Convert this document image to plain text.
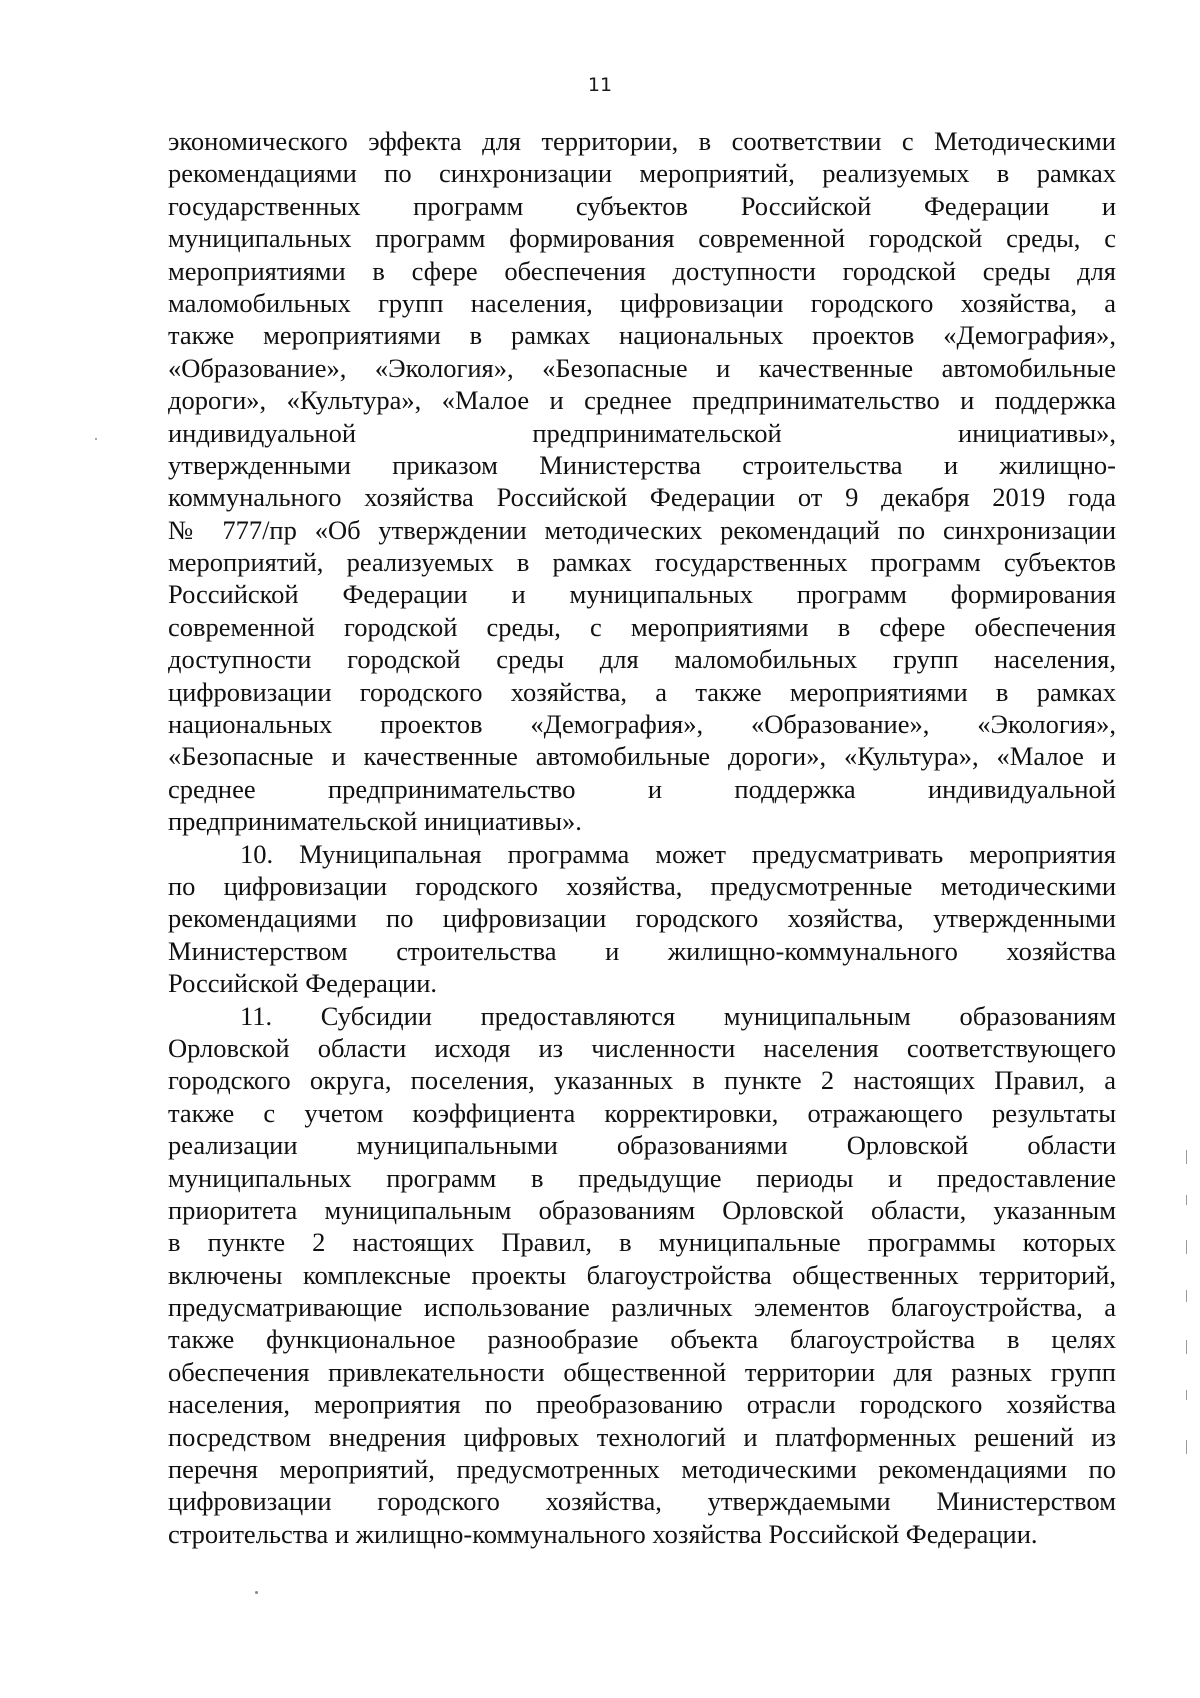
11
экономического эффекта для территории, в соответствии с Методическими
рекомендациями по синхронизации мероприятий, реализуемых в рамках
государственных программ субъектов Российской Федерации и
муниципальных программ формирования современной городской среды, с
мероприятиями в сфере обеспечения доступности городской среды для
маломобильных групп населения, цифровизации городского хозяйства, а
также мероприятиями в рамках национальных проектов «Демография»,
«Образование», «Экология», «Безопасные и качественные автомобильные
дороги», «Культура», «Малое и среднее предпринимательство и поддержка
индивидуальной предпринимательской инициативы»,
утвержденными приказом Министерства строительства и жилищно-
коммунального хозяйства Российской Федерации от 9 декабря 2019 года
№ 777/пр «Об утверждении методических рекомендаций по синхронизации
мероприятий, реализуемых в рамках государственных программ субъектов
Российской Федерации и муниципальных программ формирования
современной городской среды, с мероприятиями в сфере обеспечения
доступности городской среды для маломобильных групп населения,
цифровизации городского хозяйства, а также мероприятиями в рамках
национальных проектов «Демография», «Образование», «Экология»,
«Безопасные и качественные автомобильные дороги», «Культура», «Малое и
среднее предпринимательство и поддержка индивидуальной
предпринимательской инициативы».
10. Муниципальная программа может предусматривать мероприятия
по цифровизации городского хозяйства, предусмотренные методическими
рекомендациями по цифровизации городского хозяйства, утвержденными
Министерством строительства и жилищно-коммунального хозяйства
Российской Федерации.
11. Субсидии предоставляются муниципальным образованиям
Орловской области исходя из численности населения соответствующего
городского округа, поселения, указанных в пункте 2 настоящих Правил, а
также с учетом коэффициента корректировки, отражающего результаты
реализации муниципальными образованиями Орловской области
муниципальных программ в предыдущие периоды и предоставление
приоритета муниципальным образованиям Орловской области, указанным
в пункте 2 настоящих Правил, в муниципальные программы которых
включены комплексные проекты благоустройства общественных территорий,
предусматривающие использование различных элементов благоустройства, а
также функциональное разнообразие объекта благоустройства в целях
обеспечения привлекательности общественной территории для разных групп
населения, мероприятия по преобразованию отрасли городского хозяйства
посредством внедрения цифровых технологий и платформенных решений из
перечня мероприятий, предусмотренных методическими рекомендациями по
цифровизации городского хозяйства, утверждаемыми Министерством
строительства и жилищно-коммунального хозяйства Российской Федерации.
